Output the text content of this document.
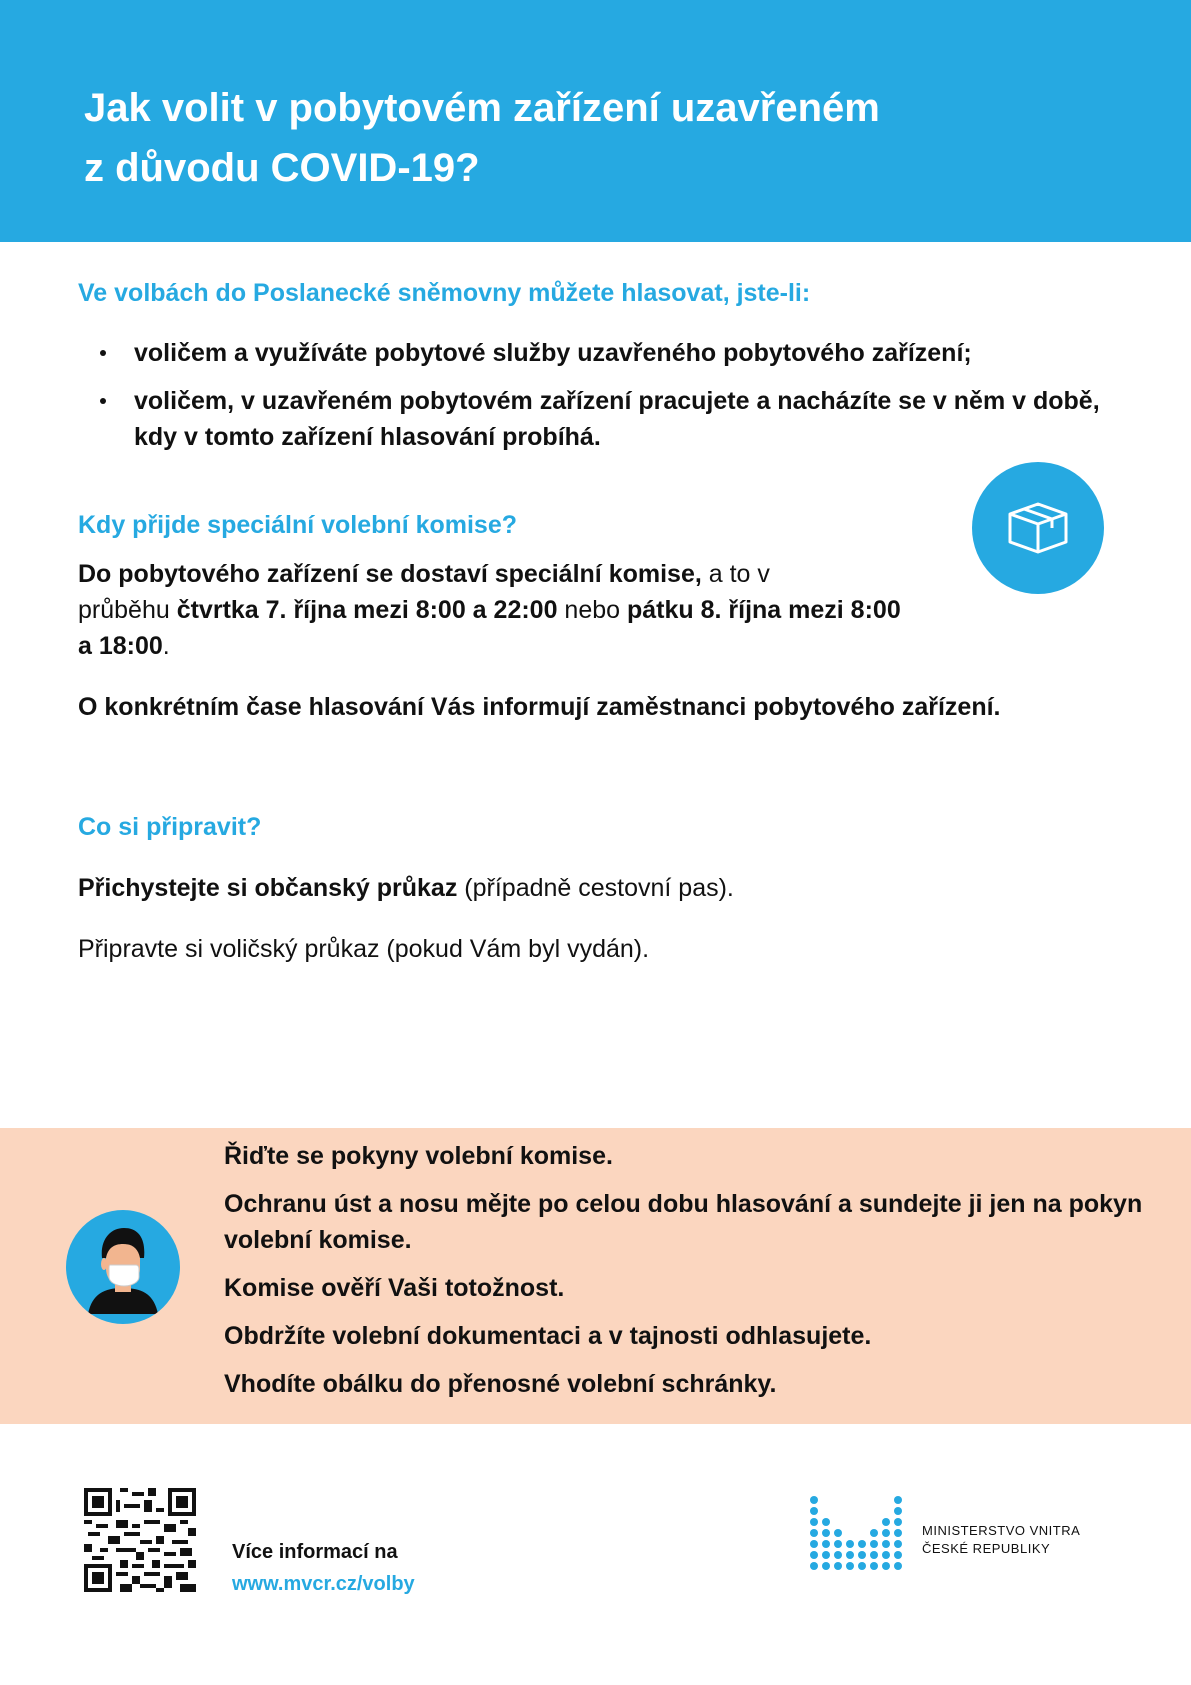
Jak volit v pobytovém zařízení uzavřeném
z důvodu COVID-19?
Ve volbách do Poslanecké sněmovny můžete hlasovat, jste-li:
voličem a využíváte pobytové služby uzavřeného pobytového zařízení;
voličem, v uzavřeném pobytovém zařízení pracujete a nacházíte se v něm v době, kdy v tomto zařízení hlasování probíhá.
Kdy přijde speciální volební komise?

Do pobytového zařízení se dostaví speciální komise, a to v
průběhu čtvrtka 7. října mezi 8:00 a 22:00 nebo pátku 8. října mezi 8:00
a 18:00.

O konkrétním čase hlasování Vás informují zaměstnanci pobytového zařízení.

Co si připravit?

Přichystejte si občanský průkaz (případně cestovní pas).

Připravte si voličský průkaz (pokud Vám byl vydán).

Řiďte se pokyny volební komise.

Ochranu úst a nosu mějte po celou dobu hlasování a sundejte ji jen na pokyn volební komise.

Komise ověří Vaši totožnost.

Obdržíte volební dokumentaci a v tajnosti odhlasujete.

Vhodíte obálku do přenosné volební schránky.

Více informací na
www.mvcr.cz/volby
MINISTERSTVO VNITRA
ČESKÉ REPUBLIKY
